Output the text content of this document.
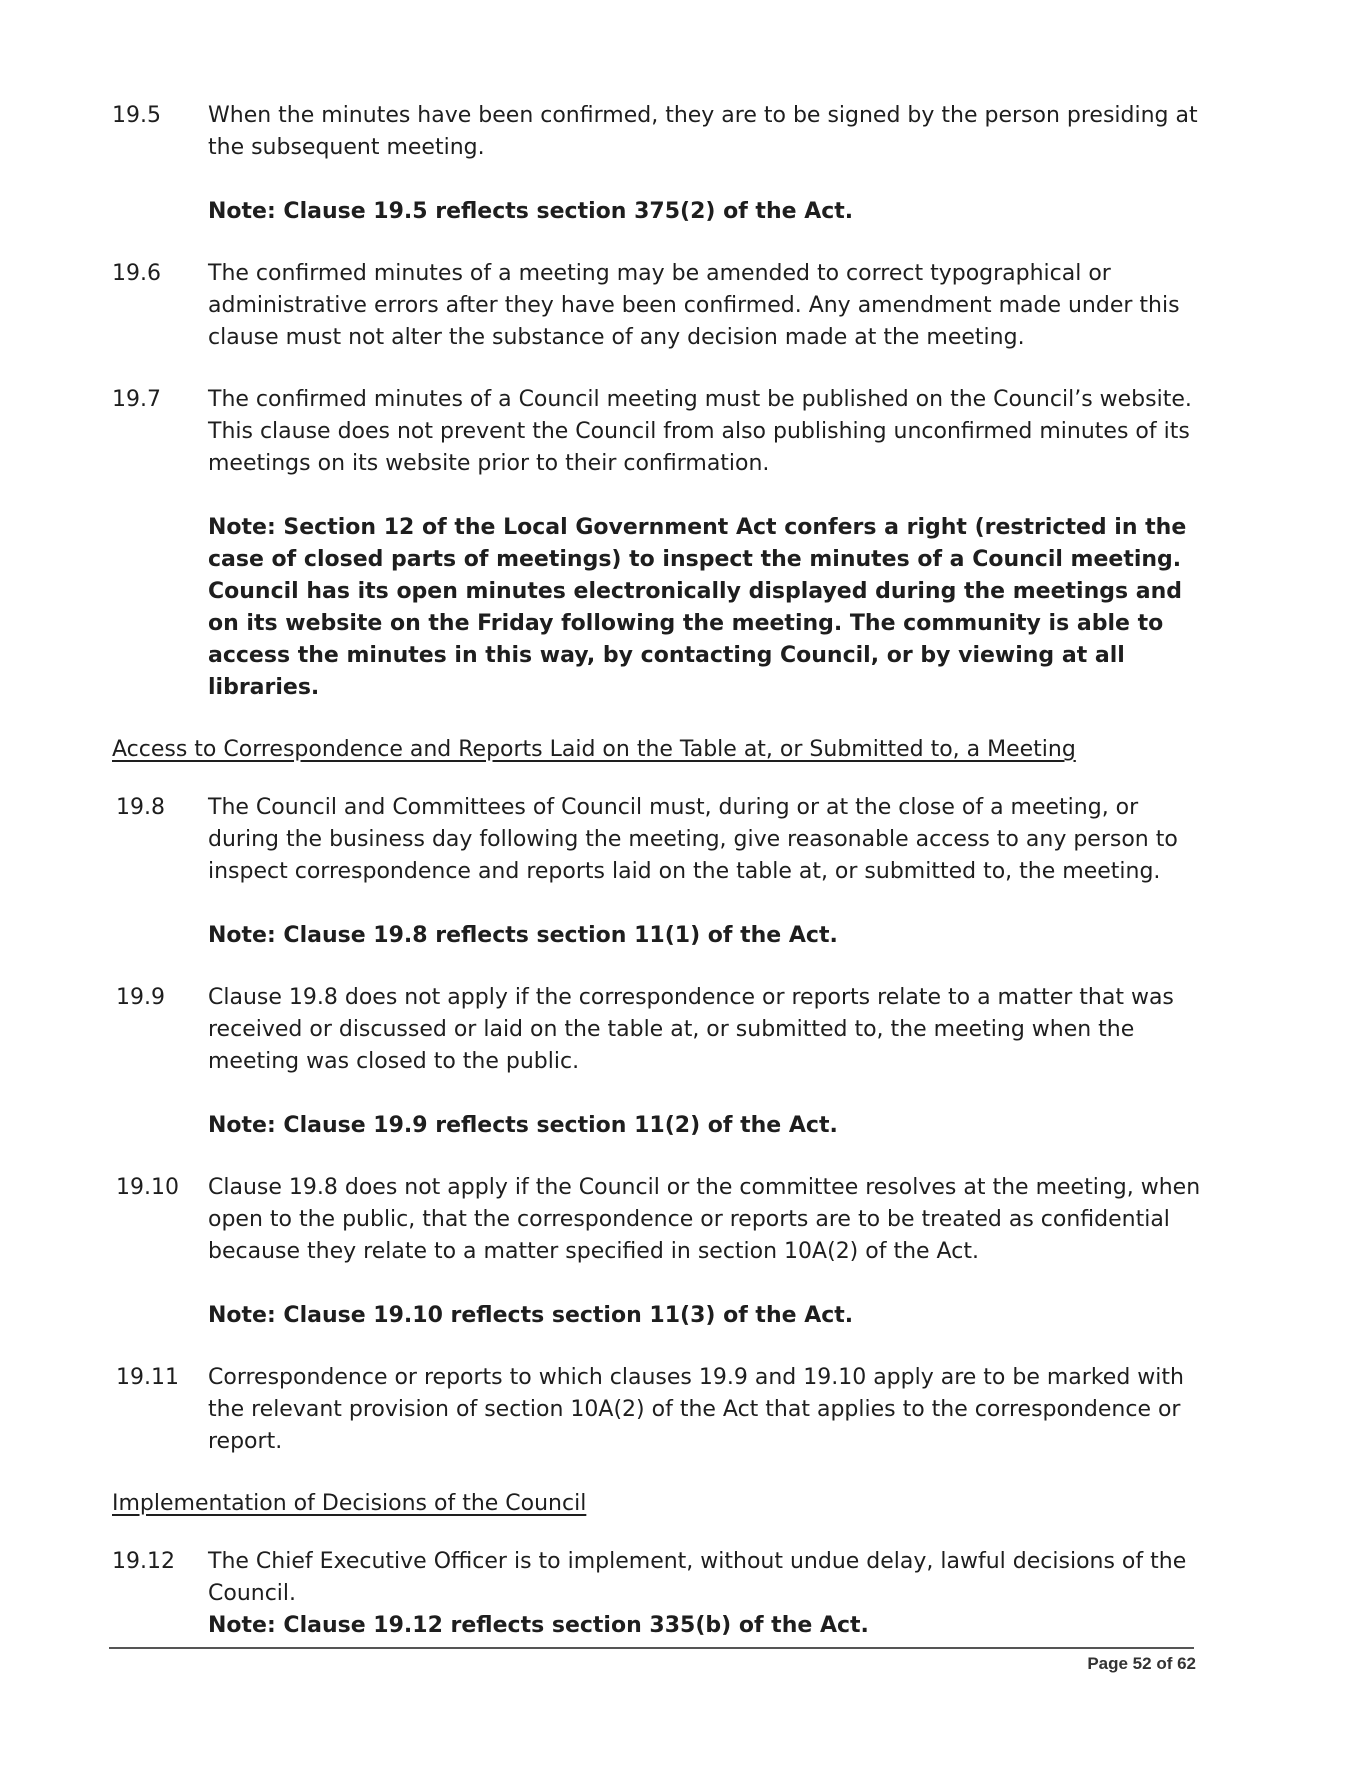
19.5	When the minutes have been confirmed, they are to be signed by the person presiding at the subsequent meeting.

Note: Clause 19.5 reflects section 375(2) of the Act.

19.6	The confirmed minutes of a meeting may be amended to correct typographical or administrative errors after they have been confirmed. Any amendment made under this clause must not alter the substance of any decision made at the meeting.

19.7	The confirmed minutes of a Council meeting must be published on the Council’s website. This clause does not prevent the Council from also publishing unconfirmed minutes of its meetings on its website prior to their confirmation.

Note: Section 12 of the Local Government Act confers a right (restricted in the case of closed parts of meetings) to inspect the minutes of a Council meeting. Council has its open minutes electronically displayed during the meetings and on its website on the Friday following the meeting. The community is able to access the minutes in this way, by contacting Council, or by viewing at all libraries.

Access to Correspondence and Reports Laid on the Table at, or Submitted to, a Meeting
19.8	The Council and Committees of Council must, during or at the close of a meeting, or during the business day following the meeting, give reasonable access to any person to inspect correspondence and reports laid on the table at, or submitted to, the meeting.

Note: Clause 19.8 reflects section 11(1) of the Act.

19.9	Clause 19.8 does not apply if the correspondence or reports relate to a matter that was received or discussed or laid on the table at, or submitted to, the meeting when the meeting was closed to the public.

Note: Clause 19.9 reflects section 11(2) of the Act.

19.10	Clause 19.8 does not apply if the Council or the committee resolves at the meeting, when open to the public, that the correspondence or reports are to be treated as confidential because they relate to a matter specified in section 10A(2) of the Act.

Note: Clause 19.10 reflects section 11(3) of the Act.

19.11	Correspondence or reports to which clauses 19.9 and 19.10 apply are to be marked with the relevant provision of section 10A(2) of the Act that applies to the correspondence or report.

Implementation of Decisions of the Council
19.12	The Chief Executive Officer is to implement, without undue delay, lawful decisions of the Council.

Note: Clause 19.12 reflects section 335(b) of the Act.

Page 52 of 62
